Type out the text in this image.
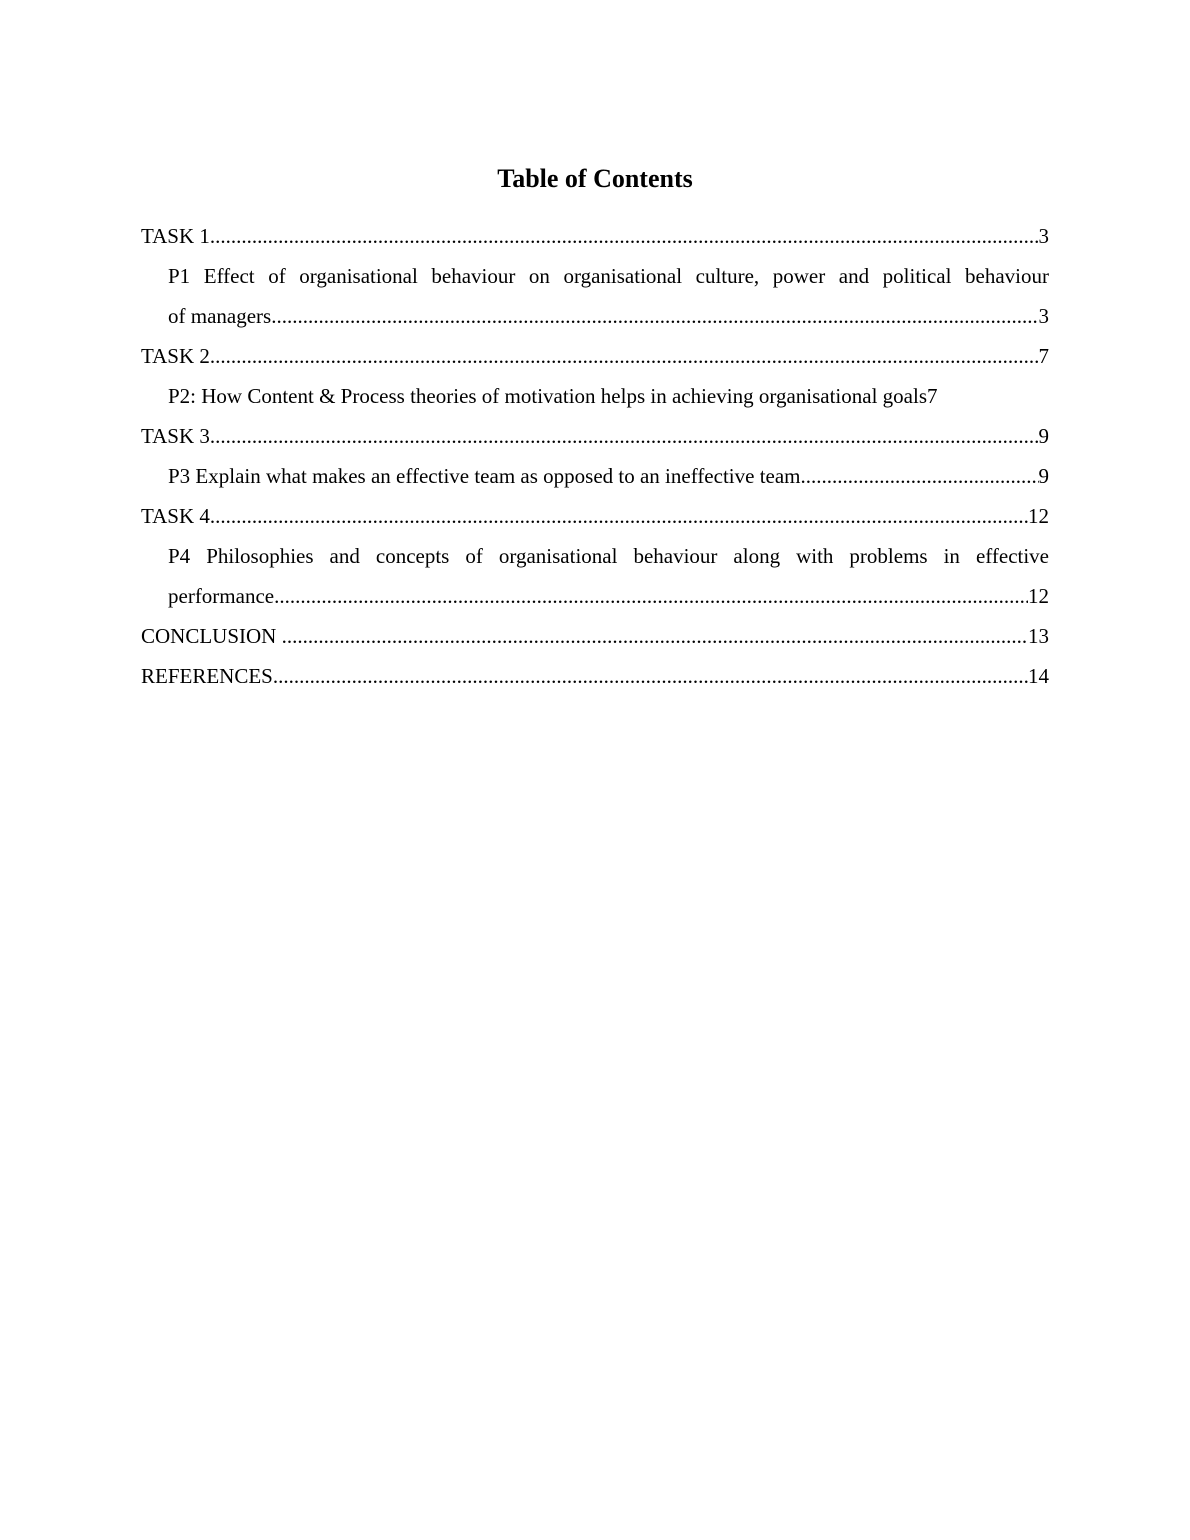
Table of Contents
TASK 1 .....	3
P1 Effect of organisational behaviour on organisational culture, power and political behaviour
of managers .....	3
TASK 2 .....	7
P2: How Content & Process theories of motivation helps in achieving organisational goals 7
TASK 3 .....	9
P3 Explain what makes an effective team as opposed to an ineffective team .....	9
TASK 4 .....	12
P4 Philosophies and concepts of organisational behaviour along with problems in effective
performance .....	12
CONCLUSION .....	13
REFERENCES .....	14
